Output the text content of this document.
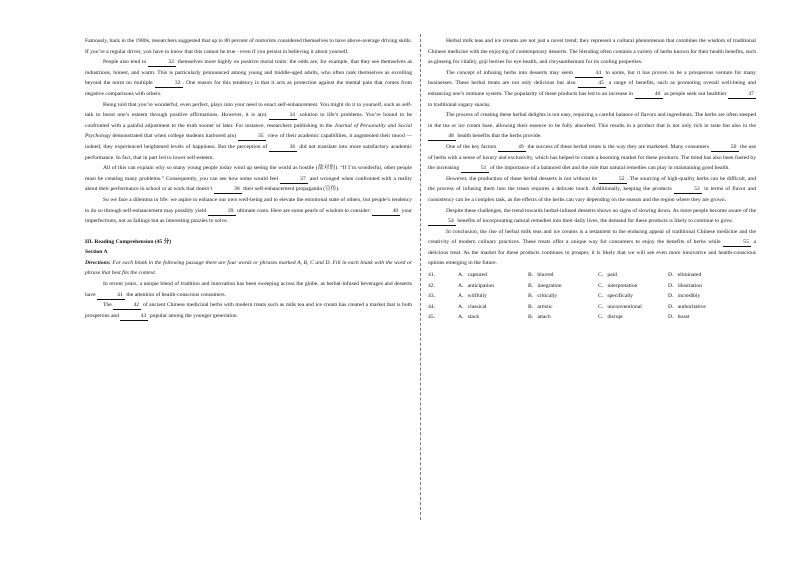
Famously, back in the 1980s, researchers suggested that up to 80 percent of motorists considered themselves to have above-average driving skills. If you’re a regular driver, you have to know that this cannot be true - even if you persist in believing it about yourself.

People also tend to	32 themselves more highly on positive moral traits: the odds are, for example, that they see themselves as industrious, honest, and warm. This is particularly pronounced among young and middle-aged adults, who often rank themselves as excelling beyond the norm on multiple	33 . One reason for this tendency is that it acts as protection against the mental pain that comes from negative comparisons with others.

Being told that you’re wonderful, even perfect, plays into your need to enact self-enhancement. You might do it to yourself, such as self-talk to boost one’s esteem through positive affirmations. However, it is a(n)	34 solution to life’s problems. You’re bound to be confronted with a painful adjustment to the truth sooner or later. For instance, researchers publishing in the Journal of Personality and Social Psychology demonstrated that when college students harbored a(n)	35 view of their academic capabilities, it augmented their mood — indeed, they experienced heightened levels of happiness. But the perception of	36 did not translate into more satisfactory academic performance. In fact, that in part led to lower self-esteem.

All of this can explain why so many young people today wind up seeing the world as hostile (敌对的). “If I’m wonderful, other people must be creating many problems.” Consequently, you can see how some would feel	37 and wronged when confronted with a reality about their performance in school or at work that doesn’t	38 their self-enhancement propaganda (宣传).

So we face a dilemma in life: we aspire to enhance our own well-being and to elevate the emotional state of others, but people’s tendency to do so through self-enhancement may possibly yield	39 ultimate costs. Here are some pearls of wisdom to consider:	40 your imperfections, not as failings but as interesting puzzles to solve.

III. Reading Comprehension (45 分)

Section A

Directions: For each blank in the following passage there are four words or phrases marked A, B, C and D. Fill in each blank with the word or phrase that best fits the context.

In recent years, a unique blend of tradition and innovation has been sweeping across the globe, as herbal-infused beverages and desserts have	41 the attention of health-conscious consumers.

The	42 of ancient Chinese medicinal herbs with modern treats such as milk tea and ice cream has created a market that is both prosperous and	43 popular among the younger generation.

Herbal milk teas and ice creams are not just a novel trend; they represent a cultural phenomenon that combines the wisdom of traditional Chinese medicine with the enjoying of contemporary desserts. The blending often contains a variety of herbs known for their health benefits, such as ginseng for vitality, goji berries for eye health, and chrysanthemum for its cooling properties.

The concept of infusing herbs into desserts may seem	44 to some, but it has proven to be a prosperous venture for many businesses. These herbal treats are not only delicious but also	45 a range of benefits, such as promoting overall well-being and enhancing one’s immune system. The popularity of these products has led to an increase in	46 as people seek out healthier	47 to traditional sugary snacks.

The process of creating these herbal delights is not easy, requiring a careful balance of flavors and ingredients. The herbs are often steeped in the tea or ice cream base, allowing their essence to be fully absorbed. This results in a product that is not only rich in taste but also in the 48 health benefits that the herbs provide.

One of the key factors	49 the success of these herbal treats is the way they are marketed. Many consumers	50 the use of herbs with a sense of luxury and exclusivity, which has helped to create a booming market for these products. The trend has also been fueled by the increasing	51 of the importance of a balanced diet and the role that natural remedies can play in maintaining good health.

However, the production of these herbal desserts is not without its	52 . The sourcing of high-quality herbs can be difficult, and the process of infusing them into the treats requires a delicate touch. Additionally, keeping the products	53 in terms of flavor and consistency can be a complex task, as the effects of the herbs can vary depending on the season and the region where they are grown.

Despite these challenges, the trend towards herbal-infused desserts shows no signs of slowing down. As more people become aware of the 54 benefits of incorporating natural remedies into their daily lives, the demand for these products is likely to continue to grow.

In conclusion, the rise of herbal milk teas and ice creams is a testament to the enduring appeal of traditional Chinese medicine and the creativity of modern culinary practices. These treats offer a unique way for consumers to enjoy the benefits of herbs while	55 a delicious treat. As the market for these products continues to prosper, it is likely that we will see even more innovative and health-conscious options emerging in the future.

41．	A．captured	B．blurred	C．paid	D．eliminated
42．	A．anticipation	B．integration	C．interpretation	D．illustration
43．	A．willfully	B．critically	C．specifically	D．incredibly
44．	A．classical	B．artistic	C．unconventional	D．authoritative
45．	A．stack	B．attach	C．disrupt	D．boast
